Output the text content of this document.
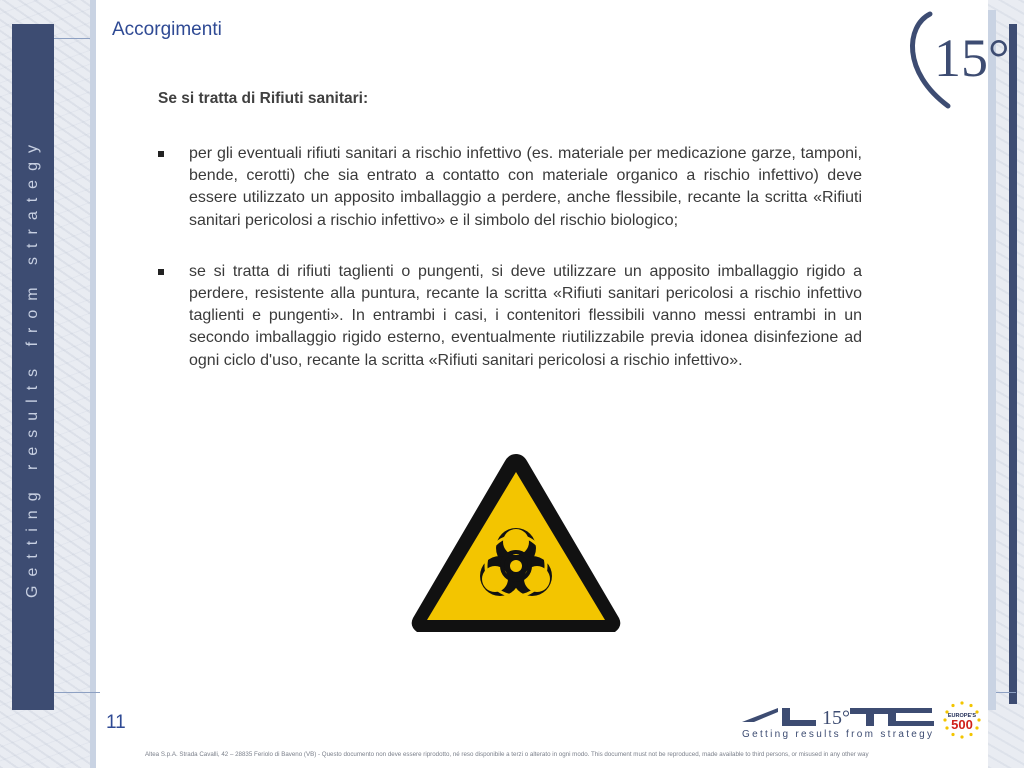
Getting results from strategy
Accorgimenti	15°
Se si tratta di Rifiuti sanitari:
per gli eventuali rifiuti sanitari a rischio infettivo (es. materiale per medicazione garze, tamponi, bende, cerotti) che sia entrato a contatto con materiale organico a rischio infettivo) deve essere utilizzato un apposito imballaggio a perdere, anche flessibile, recante la scritta «Rifiuti sanitari pericolosi a rischio infettivo» e il simbolo del rischio biologico;
se si tratta di rifiuti taglienti o pungenti, si deve utilizzare un apposito imballaggio rigido a perdere, resistente alla puntura, recante la scritta «Rifiuti sanitari pericolosi a rischio infettivo taglienti e pungenti». In entrambi i casi, i contenitori flessibili vanno messi entrambi in un secondo imballaggio rigido esterno, eventualmente riutilizzabile previa idonea disinfezione ad ogni ciclo d'uso, recante la scritta «Rifiuti sanitari pericolosi a rischio infettivo».
11	15°
ALTEA
Getting results from strategy
EUROPE'S
500
Altea S.p.A. Strada Cavalli, 42 – 28835 Feriolo di Baveno (VB) - Questo documento non deve essere riprodotto, né reso disponibile a terzi o alterato in ogni modo. This document must not be reproduced, made available to third persons, or misused in any other way
